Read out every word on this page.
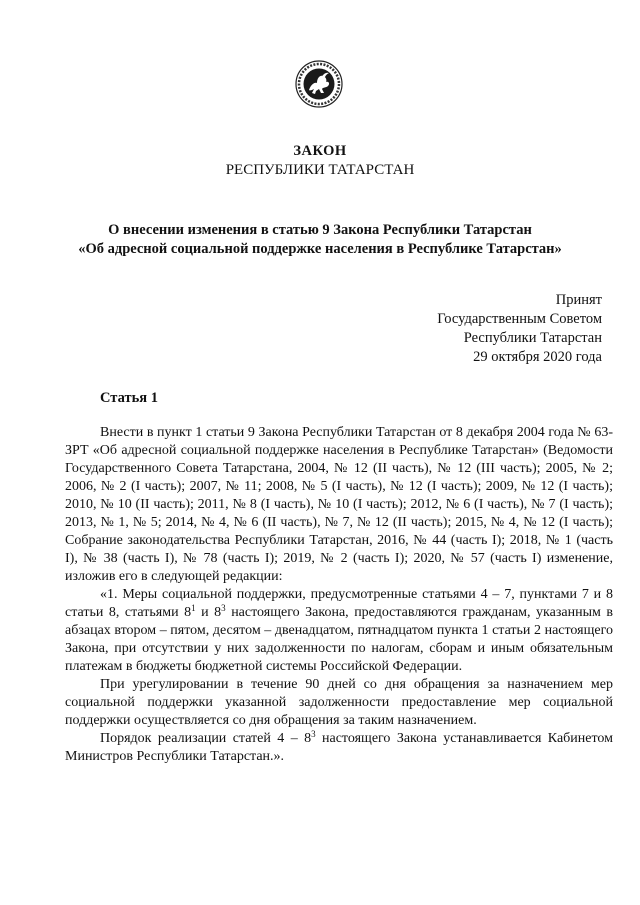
ЗАКОН
РЕСПУБЛИКИ ТАТАРСТАН
О внесении изменения в статью 9 Закона Республики Татарстан
«Об адресной социальной поддержке населения в Республике Татарстан»
Принят
Государственным Советом
Республики Татарстан
29 октября 2020 года
Статья 1

Внести в пункт 1 статьи 9 Закона Республики Татарстан от 8 декабря 2004 года № 63-ЗРТ «Об адресной социальной поддержке населения в Республике Татарстан» (Ведомости Государственного Совета Татарстана, 2004, № 12 (II часть), № 12 (III часть); 2005, № 2; 2006, № 2 (I часть); 2007, № 11; 2008, № 5 (I часть), № 12 (I часть); 2009, № 12 (I часть); 2010, № 10 (II часть); 2011, № 8 (I часть), № 10 (I часть); 2012, № 6 (I часть), № 7 (I часть); 2013, № 1, № 5; 2014, № 4, № 6 (II часть), № 7, № 12 (II часть); 2015, № 4, № 12 (I часть); Собрание законодательства Республики Татарстан, 2016, № 44 (часть I); 2018, № 1 (часть I), № 38 (часть I), № 78 (часть I); 2019, № 2 (часть I); 2020, № 57 (часть I) изменение, изложив его в следующей редакции:

«1. Меры социальной поддержки, предусмотренные статьями 4 – 7, пунктами 7 и 8 статьи 8, статьями $8^1$ и $8^3$ настоящего Закона, предоставляются гражданам, указанным в абзацах втором – пятом, десятом – двенадцатом, пятнадцатом пункта 1 статьи 2 настоящего Закона, при отсутствии у них задолженности по налогам, сборам и иным обязательным платежам в бюджеты бюджетной системы Российской Федерации.

При урегулировании в течение 90 дней со дня обращения за назначением мер социальной поддержки указанной задолженности предоставление мер социальной поддержки осуществляется со дня обращения за таким назначением.

Порядок реализации статей $4 - 8^3$ настоящего Закона устанавливается Кабинетом Министров Республики Татарстан.».
